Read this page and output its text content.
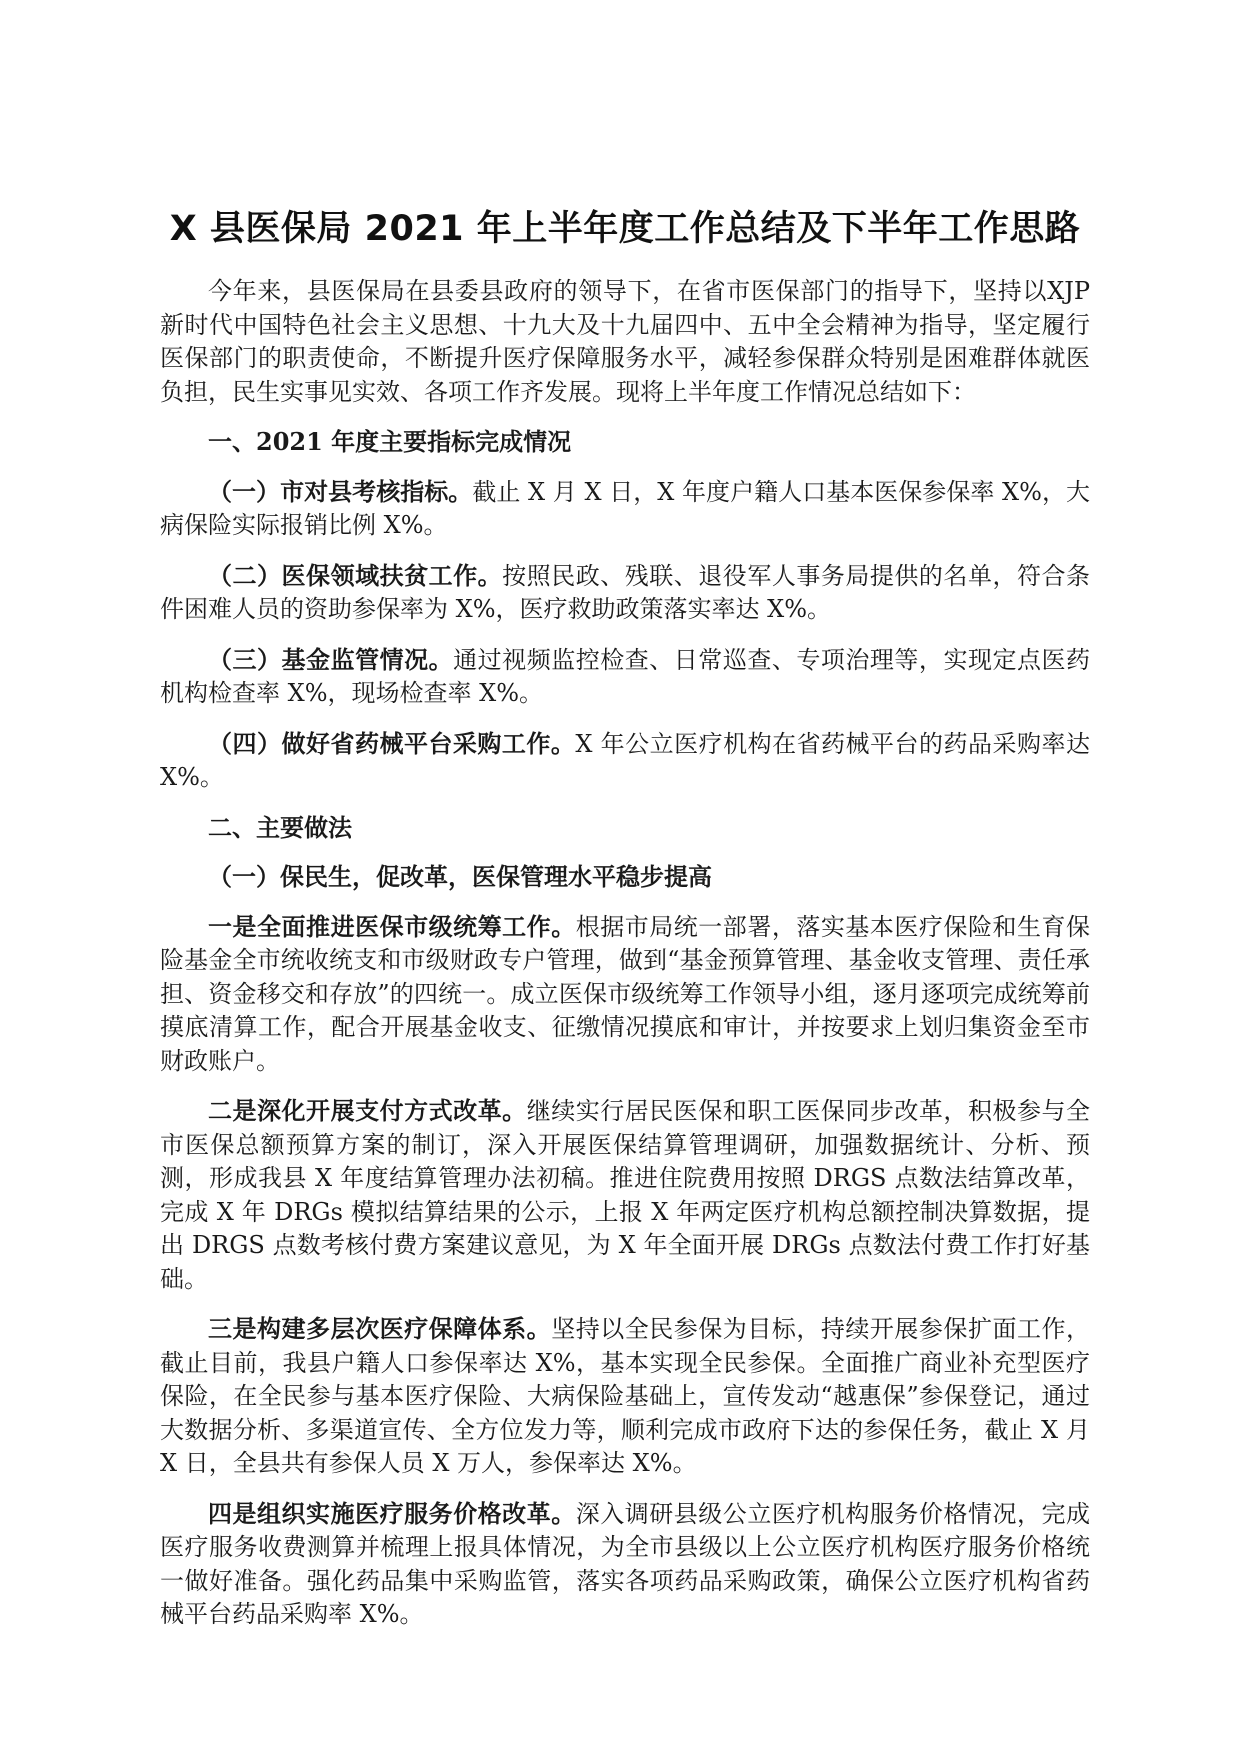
X 县医保局 2021 年上半年度工作总结及下半年工作思路

今年来，县医保局在县委县政府的领导下，在省市医保部门的指导下，坚持以XJP新时代中国特色社会主义思想、十九大及十九届四中、五中全会精神为指导，坚定履行医保部门的职责使命，不断提升医疗保障服务水平，减轻参保群众特别是困难群体就医负担，民生实事见实效、各项工作齐发展。现将上半年度工作情况总结如下：

一、2021 年度主要指标完成情况

（一）市对县考核指标。截止 X 月 X 日，X 年度户籍人口基本医保参保率 X%，大病保险实际报销比例 X%。

（二）医保领域扶贫工作。按照民政、残联、退役军人事务局提供的名单，符合条件困难人员的资助参保率为 X%，医疗救助政策落实率达 X%。

（三）基金监管情况。通过视频监控检查、日常巡查、专项治理等，实现定点医药机构检查率 X%，现场检查率 X%。

（四）做好省药械平台采购工作。X 年公立医疗机构在省药械平台的药品采购率达 X%。

二、主要做法

（一）保民生，促改革，医保管理水平稳步提高

一是全面推进医保市级统筹工作。根据市局统一部署，落实基本医疗保险和生育保险基金全市统收统支和市级财政专户管理，做到“基金预算管理、基金收支管理、责任承担、资金移交和存放”的四统一。成立医保市级统筹工作领导小组，逐月逐项完成统筹前摸底清算工作，配合开展基金收支、征缴情况摸底和审计，并按要求上划归集资金至市财政账户。

二是深化开展支付方式改革。继续实行居民医保和职工医保同步改革，积极参与全市医保总额预算方案的制订，深入开展医保结算管理调研，加强数据统计、分析、预测，形成我县 X 年度结算管理办法初稿。推进住院费用按照 DRGS 点数法结算改革，完成 X 年 DRGs 模拟结算结果的公示，上报 X 年两定医疗机构总额控制决算数据，提出 DRGS 点数考核付费方案建议意见，为 X 年全面开展 DRGs 点数法付费工作打好基础。

三是构建多层次医疗保障体系。坚持以全民参保为目标，持续开展参保扩面工作，截止目前，我县户籍人口参保率达 X%，基本实现全民参保。全面推广商业补充型医疗保险，在全民参与基本医疗保险、大病保险基础上，宣传发动“越惠保”参保登记，通过大数据分析、多渠道宣传、全方位发力等，顺利完成市政府下达的参保任务，截止 X 月 X 日，全县共有参保人员 X 万人，参保率达 X%。

四是组织实施医疗服务价格改革。深入调研县级公立医疗机构服务价格情况，完成医疗服务收费测算并梳理上报具体情况，为全市县级以上公立医疗机构医疗服务价格统一做好准备。强化药品集中采购监管，落实各项药品采购政策，确保公立医疗机构省药械平台药品采购率 X%。
